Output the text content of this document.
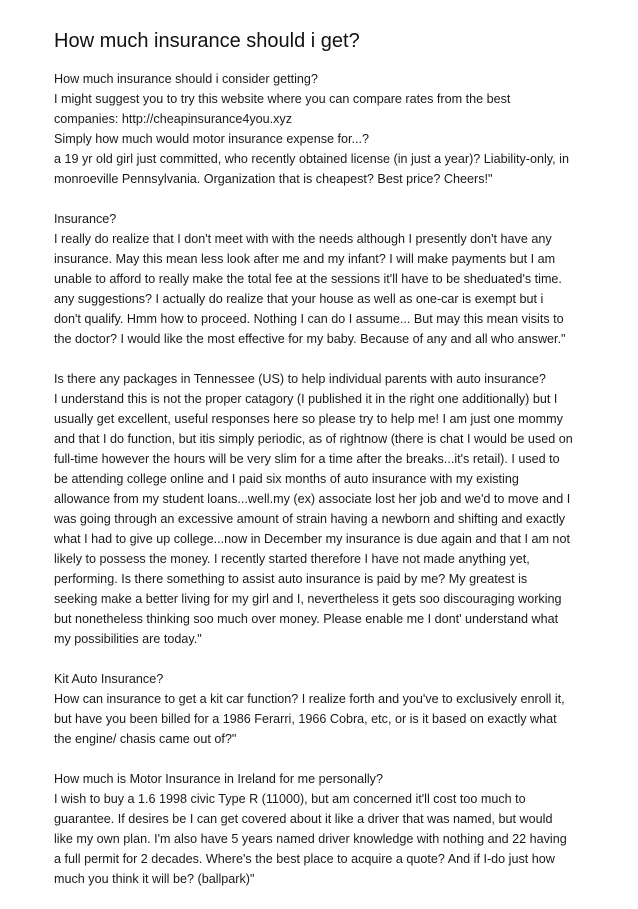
How much insurance should i get?
How much insurance should i consider getting?
I might suggest you to try this website where you can compare rates from the best
companies: http://cheapinsurance4you.xyz
Simply how much would motor insurance expense for...?
a 19 yr old girl just committed, who recently obtained license (in just a year)? Liability-only, in
monroeville Pennsylvania. Organization that is cheapest? Best price? Cheers!"
Insurance?
I really do realize that I don't meet with with the needs although I presently don't have any
insurance. May this mean less look after me and my infant? I will make payments but I am
unable to afford to really make the total fee at the sessions it'll have to be sheduated's time.
any suggestions? I actually do realize that your house as well as one-car is exempt but i
don't qualify. Hmm how to proceed. Nothing I can do I assume... But may this mean visits to
the doctor? I would like the most effective for my baby. Because of any and all who answer."
Is there any packages in Tennessee (US) to help individual parents with auto insurance?
I understand this is not the proper catagory (I published it in the right one additionally) but I
usually get excellent, useful responses here so please try to help me! I am just one mommy
and that I do function, but itis simply periodic, as of rightnow (there is chat I would be used on
full-time however the hours will be very slim for a time after the breaks...it's retail). I used to
be attending college online and I paid six months of auto insurance with my existing
allowance from my student loans...well.my (ex) associate lost her job and we'd to move and I
was going through an excessive amount of strain having a newborn and shifting and exactly
what I had to give up college...now in December my insurance is due again and that I am not
likely to possess the money. I recently started therefore I have not made anything yet,
performing. Is there something to assist auto insurance is paid by me? My greatest is
seeking make a better living for my girl and I, nevertheless it gets soo discouraging working
but nonetheless thinking soo much over money. Please enable me I dont' understand what
my possibilities are today."
Kit Auto Insurance?
How can insurance to get a kit car function? I realize forth and you've to exclusively enroll it,
but have you been billed for a 1986 Ferarri, 1966 Cobra, etc, or is it based on exactly what
the engine/ chasis came out of?"
How much is Motor Insurance in Ireland for me personally?
I wish to buy a 1.6 1998 civic Type R (11000), but am concerned it'll cost too much to
guarantee. If desires be I can get covered about it like a driver that was named, but would
like my own plan. I'm also have 5 years named driver knowledge with nothing and 22 having
a full permit for 2 decades. Where's the best place to acquire a quote? And if I-do just how
much you think it will be? (ballpark)"
